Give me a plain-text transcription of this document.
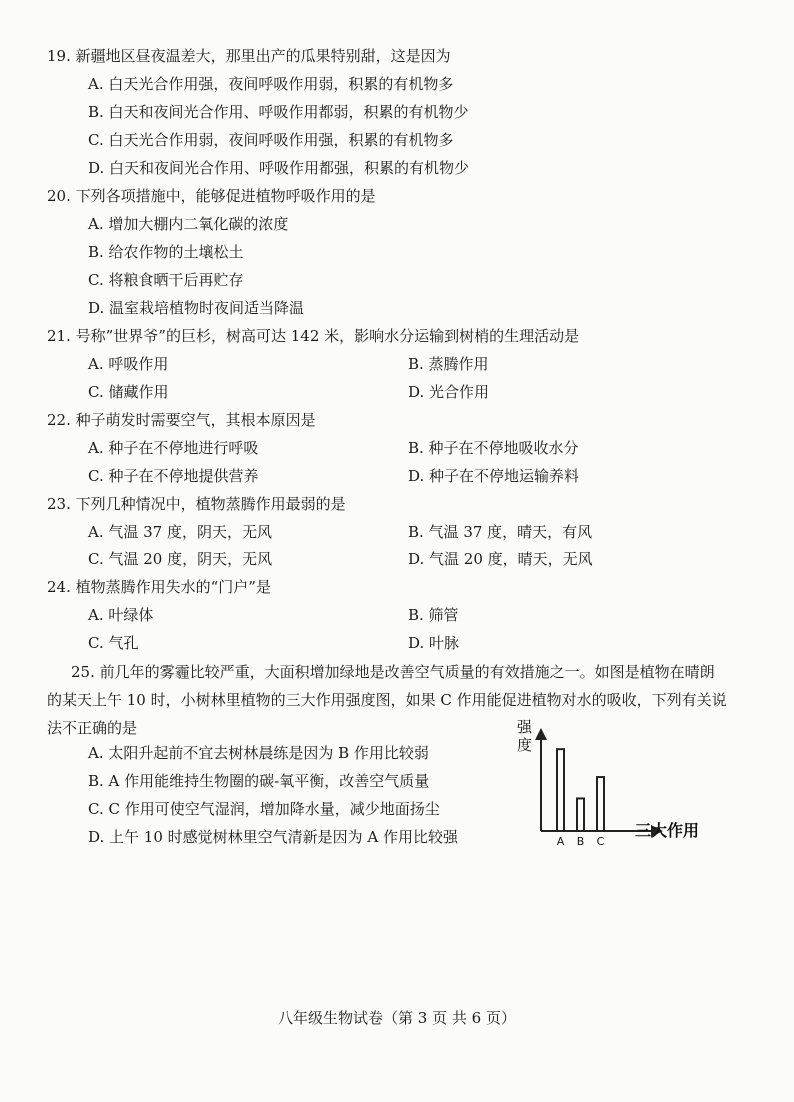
19. 新疆地区昼夜温差大，那里出产的瓜果特别甜，这是因为
A. 白天光合作用强，夜间呼吸作用弱，积累的有机物多
B. 白天和夜间光合作用、呼吸作用都弱，积累的有机物少
C. 白天光合作用弱，夜间呼吸作用强，积累的有机物多
D. 白天和夜间光合作用、呼吸作用都强，积累的有机物少
20. 下列各项措施中，能够促进植物呼吸作用的是
A. 增加大棚内二氧化碳的浓度
B. 给农作物的土壤松土
C. 将粮食晒干后再贮存
D. 温室栽培植物时夜间适当降温
21. 号称”世界爷”的巨杉，树高可达 142 米，影响水分运输到树梢的生理活动是
A. 呼吸作用	B. 蒸腾作用
C. 储藏作用	D. 光合作用
22. 种子萌发时需要空气，其根本原因是
A. 种子在不停地进行呼吸	B. 种子在不停地吸收水分
C. 种子在不停地提供营养	D. 种子在不停地运输养料
23. 下列几种情况中，植物蒸腾作用最弱的是
A. 气温 37 度，阴天，无风	B. 气温 37 度，晴天，有风
C. 气温 20 度，阴天，无风	D. 气温 20 度，晴天，无风
24. 植物蒸腾作用失水的“门户”是
A. 叶绿体	B. 筛管
C. 气孔	D. 叶脉
25. 前几年的雾霾比较严重，大面积增加绿地是改善空气质量的有效措施之一。如图是植物在晴朗的某天上午 10 时，小树林里植物的三大作用强度图，如果 C 作用能促进植物对水的吸收，下列有关说法不正确的是
A. 太阳升起前不宜去树林晨练是因为 B 作用比较弱
B. A 作用能维持生物圈的碳-氧平衡，改善空气质量
C. C 作用可使空气湿润，增加降水量，减少地面扬尘
D. 上午 10 时感觉树林里空气清新是因为 A 作用比较强
强度
三大作用
A B C
八年级生物试卷（第 3 页 共 6 页）
